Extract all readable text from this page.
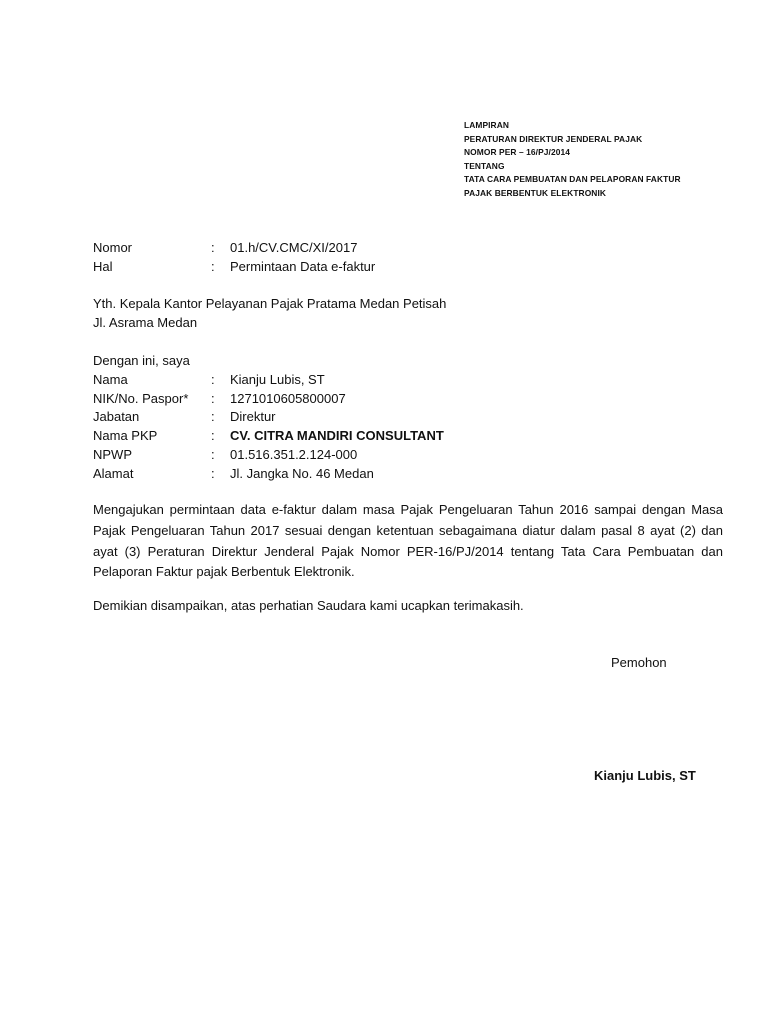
LAMPIRAN
PERATURAN DIREKTUR JENDERAL PAJAK
NOMOR PER – 16/PJ/2014
TENTANG
TATA CARA PEMBUATAN DAN PELAPORAN FAKTUR
PAJAK BERBENTUK ELEKTRONIK
Nomor	: 01.h/CV.CMC/XI/2017
Hal	: Permintaan Data e-faktur
Yth. Kepala Kantor Pelayanan Pajak Pratama Medan Petisah
Jl. Asrama Medan
Dengan ini, saya
Nama	: Kianju Lubis, ST
NIK/No. Paspor* : 1271010605800007
Jabatan	: Direktur
Nama PKP	: CV. CITRA MANDIRI CONSULTANT
NPWP	: 01.516.351.2.124-000
Alamat	: Jl. Jangka No. 46 Medan

Mengajukan permintaan data e-faktur dalam masa Pajak Pengeluaran Tahun 2016 sampai dengan Masa Pajak Pengeluaran Tahun 2017 sesuai dengan ketentuan sebagaimana diatur dalam pasal 8 ayat (2) dan ayat (3) Peraturan Direktur Jenderal Pajak Nomor PER-16/PJ/2014 tentang Tata Cara Pembuatan dan Pelaporan Faktur pajak Berbentuk Elektronik.

Demikian disampaikan, atas perhatian Saudara kami ucapkan terimakasih.
Pemohon
Kianju Lubis, ST
